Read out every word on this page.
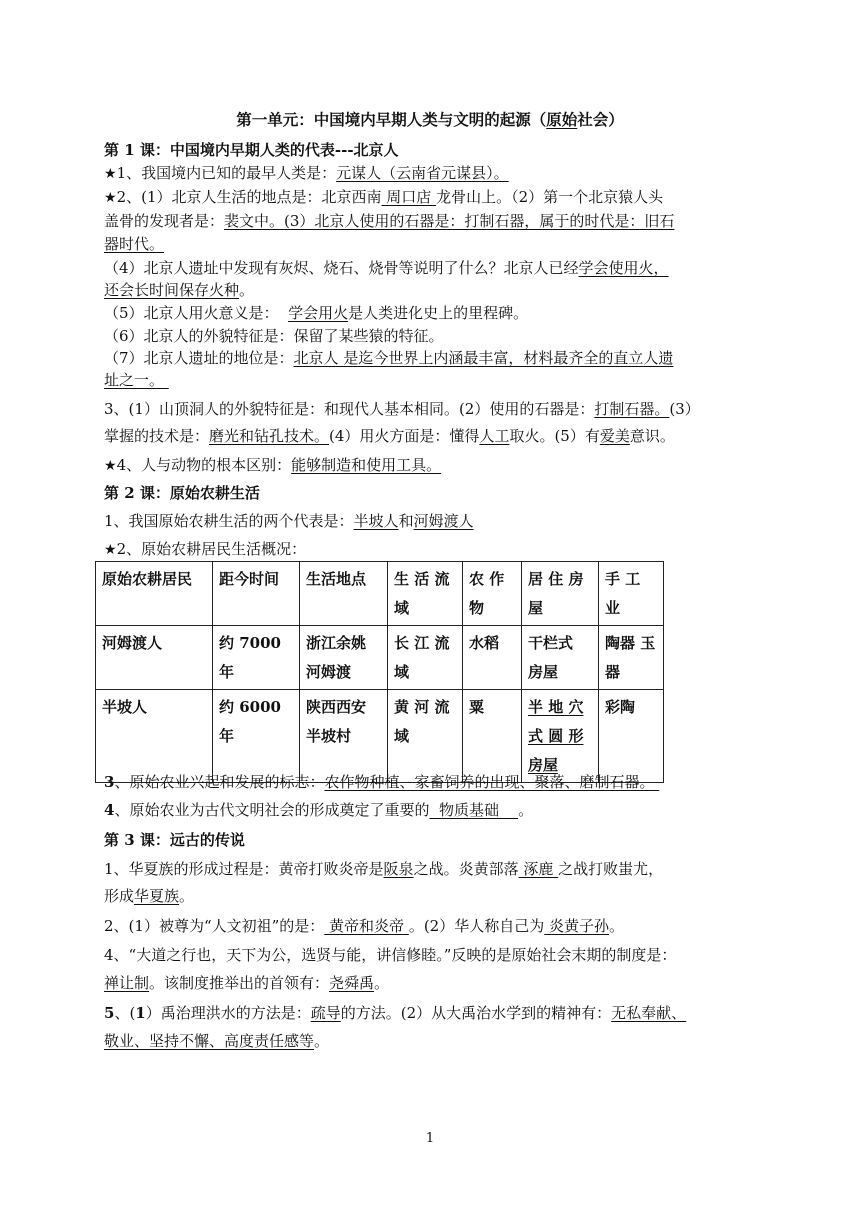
第一单元：中国境内早期人类与文明的起源（原始社会）
第 1 课：中国境内早期人类的代表---北京人
★1、我国境内已知的最早人类是：元谋人（云南省元谋县）。
★2、(1）北京人生活的地点是：北京西南 周口店 龙骨山上。（2）第一个北京猿人头
盖骨的发现者是：裴文中。(3）北京人使用的石器是：打制石器，属于的时代是：旧石
器时代。
（4）北京人遗址中发现有灰烬、烧石、烧骨等说明了什么？北京人已经学会使用火，
还会长时间保存火种。
（5）北京人用火意义是：  学会用火是人类进化史上的里程碑。
（6）北京人的外貌特征是：保留了某些猿的特征。
（7）北京人遗址的地位是：北京人 是迄今世界上内涵最丰富，材料最齐全的直立人遗
址之一。
3、(1）山顶洞人的外貌特征是：和现代人基本相同。(2）使用的石器是：打制石器。(3）
掌握的技术是：磨光和钻孔技术。(4）用火方面是：懂得人工取火。(5）有爱美意识。
★4、人与动物的根本区别：能够制造和使用工具。
第 2 课：原始农耕生活
1、我国原始农耕生活的两个代表是：半坡人和河姆渡人
★2、原始农耕居民生活概况：
原始农耕居民	距今时间	生活地点	生 活 流 域	农 作 物	居 住 房 屋	手 工 业
河姆渡人	约 7000 年	浙江余姚 河姆渡	长 江 流 域	水稻	干栏式 房屋	陶器 玉器
半坡人	约 6000 年	陕西西安 半坡村	黄 河 流 域	粟	半 地 穴 式 圆 形 房屋	彩陶
3、原始农业兴起和发展的标志：农作物种植、家畜饲养的出现、聚落、磨制石器。
4、原始农业为古代文明社会的形成奠定了重要的  物质基础    。
第 3 课：远古的传说
1、华夏族的形成过程是：黄帝打败炎帝是阪泉之战。炎黄部落 涿鹿 之战打败蚩尤，
形成华夏族。
2、(1）被尊为“人文初祖”的是： 黄帝和炎帝 。(2）华人称自己为 炎黄子孙。
4、“大道之行也，天下为公，选贤与能，讲信修睦。”反映的是原始社会末期的制度是：
禅让制。该制度推举出的首领有：尧舜禹。
5、(1）禹治理洪水的方法是：疏导的方法。(2）从大禹治水学到的精神有：无私奉献、
敬业、坚持不懈、高度责任感等。
1
